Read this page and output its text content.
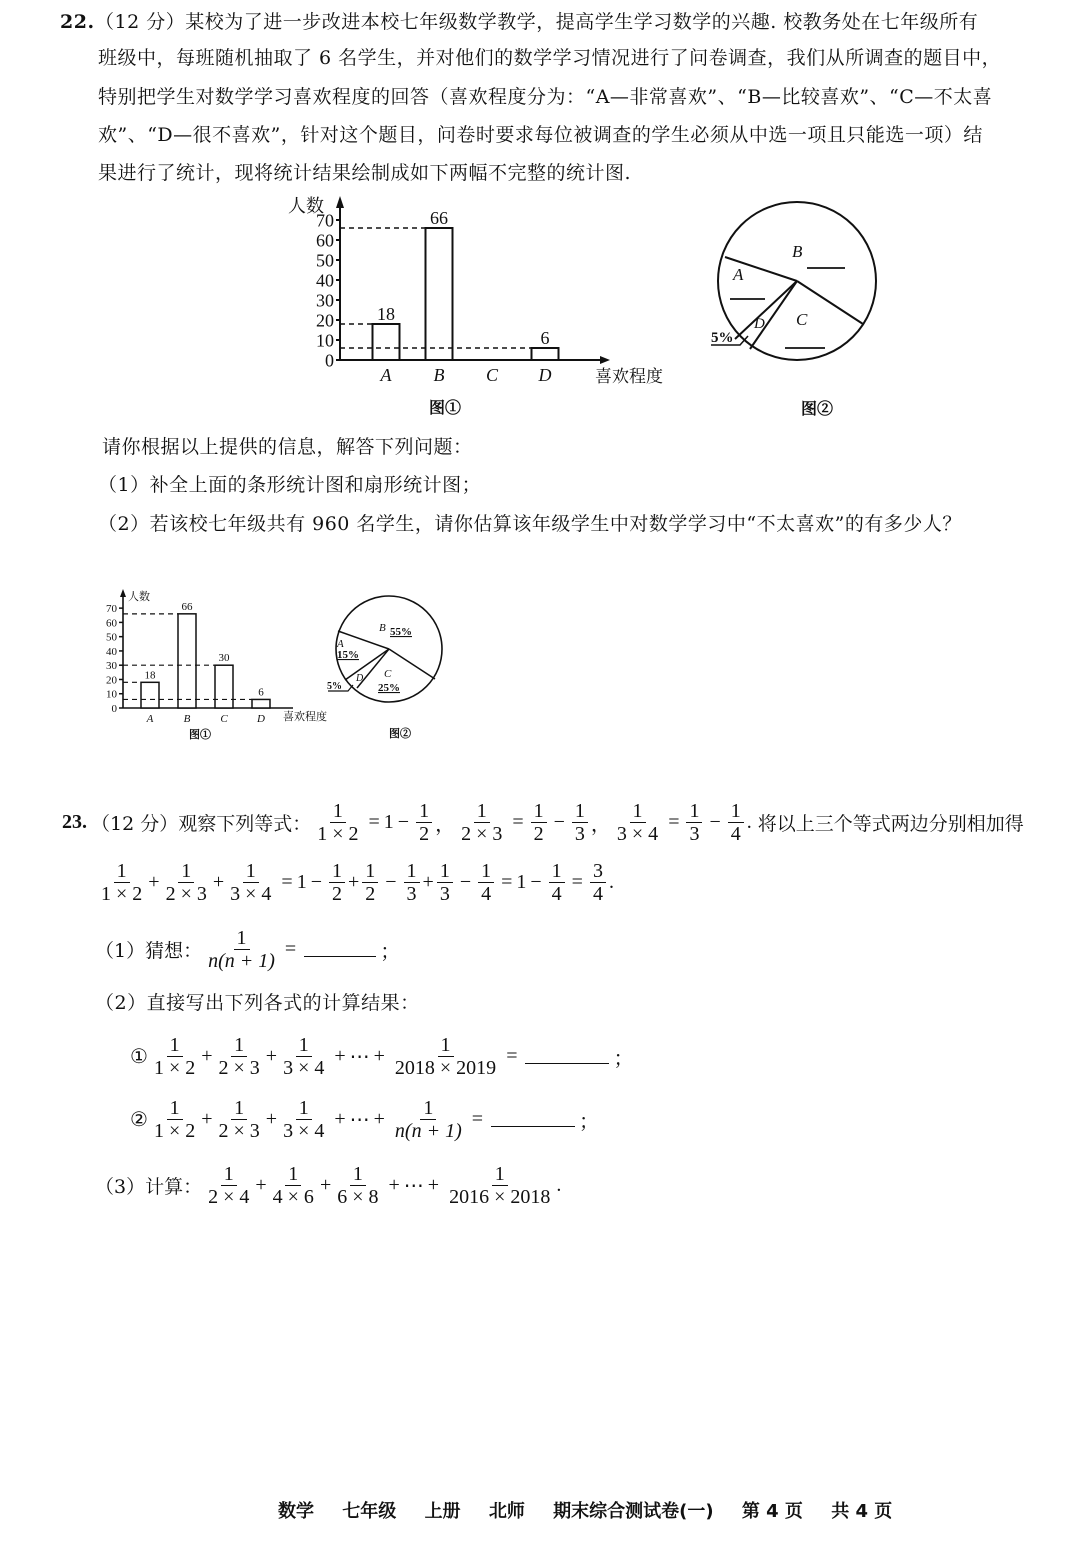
22. （12 分）某校为了进一步改进本校七年级数学教学，提高学生学习数学的兴趣. 校教务处在七年级所有
班级中，每班随机抽取了 6 名学生，并对他们的数学学习情况进行了问卷调查，我们从所调查的题目中，
特别把学生对数学学习喜欢程度的回答（喜欢程度分为：“A—非常喜欢”、“B—比较喜欢”、“C—不太喜
欢”、“D—很不喜欢”，针对这个题目，问卷时要求每位被调查的学生必须从中选一项且只能选一项）结
果进行了统计，现将统计结果绘制成如下两幅不完整的统计图.
人数
喜欢程度
0
10
20
30
40
50
60
70
18
A
66
B C
6
D
图①
B
A
C
D
5%
图②
请你根据以上提供的信息，解答下列问题：
（1）补全上面的条形统计图和扇形统计图；
（2）若该校七年级共有 960 名学生，请你估算该年级学生中对数学学习中“不太喜欢”的有多少人？
人数
喜欢程度
0
10
20
30
40
50
60
70
18
A
66
B
30
C
6
D
图①
B 55%
A
15%
C
25%
D
5%
图②
23. （12 分）观察下列等式： $\frac{1}{1 \times 2} = 1 - \frac{1}{2}$ ， $\frac{1}{2 \times 3} = \frac{1}{2} - \frac{1}{3}$ ， $\frac{1}{3 \times 4} = \frac{1}{3} - \frac{1}{4}$ . 将以上三个等式两边分别相加得
$\frac{1}{1 \times 2} + \frac{1}{2 \times 3} + \frac{1}{3 \times 4} = 1 - \frac{1}{2} + \frac{1}{2} - \frac{1}{3} + \frac{1}{3} - \frac{1}{4} = 1 - \frac{1}{4} = \frac{3}{4}$ .
（1）猜想： $\frac{1}{n(n + 1)}$ =	；
（2）直接写出下列各式的计算结果：
① $\frac{1}{1 \times 2} + \frac{1}{2 \times 3} + \frac{1}{3 \times 4}$ + ⋯ + $\frac{1}{2018 \times 2019}$ =	；
② $\frac{1}{1 \times 2} + \frac{1}{2 \times 3} + \frac{1}{3 \times 4}$ + ⋯ + $\frac{1}{n(n + 1)}$ =	；
（3）计算： $\frac{1}{2 \times 4} + \frac{1}{4 \times 6} + \frac{1}{6 \times 8}$ + ⋯ + $\frac{1}{2016 \times 2018}$ .
数学 七年级 上册 北师 期末综合测试卷(一) 第 4 页 共 4 页
